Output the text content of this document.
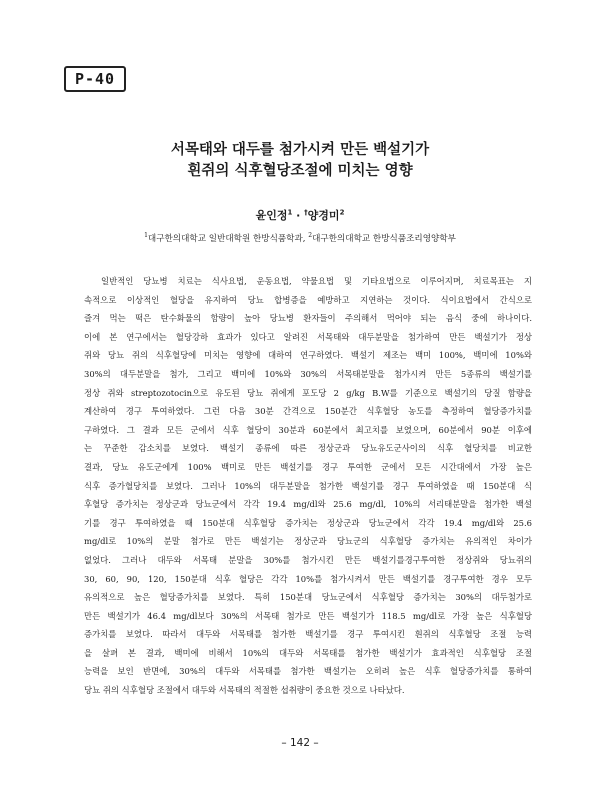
P-40
서목태와 대두를 첨가시켜 만든 백설기가
흰쥐의 식후혈당조절에 미치는 영향
윤인정$^1$ · †양경미$^2$
$^1$대구한의대학교 일반대학원 한방식품학과, $^2$대구한의대학교 한방식품조리영양학부
일반적인 당뇨병 치료는 식사요법, 운동요법, 약물요법 및 기타요법으로 이루어지며, 치료목표는 지
속적으로 이상적인 혈당을 유지하여 당뇨 합병증을 예방하고 지연하는 것이다. 식이요법에서 간식으로
즐겨 먹는 떡은 탄수화물의 함량이 높아 당뇨병 환자들이 주의해서 먹어야 되는 음식 중에 하나이다.
이에 본 연구에서는 혈당강하 효과가 있다고 알려진 서목태와 대두분말을 첨가하여 만든 백설기가 정상
쥐와 당뇨 쥐의 식후혈당에 미치는 영향에 대하여 연구하였다. 백설기 제조는 백미 100%, 백미에 10%와
30%의 대두분말을 첨가, 그리고 백미에 10%와 30%의 서목태분말을 첨가시켜 만든 5종류의 백설기를
정상 쥐와 streptozotocin으로 유도된 당뇨 쥐에게 포도당 2 g/kg B.W를 기준으로 백설기의 당질 함량을
계산하여 경구 투여하였다. 그런 다음 30분 간격으로 150분간 식후혈당 농도를 측정하여 혈당증가치를
구하였다. 그 결과 모든 군에서 식후 혈당이 30분과 60분에서 최고치를 보였으며, 60분에서 90분 이후에
는 꾸준한 감소치를 보였다. 백설기 종류에 따른 정상군과 당뇨유도군사이의 식후 혈당치를 비교한
결과, 당뇨 유도군에게 100% 백미로 만든 백설기를 경구 투여한 군에서 모든 시간대에서 가장 높은
식후 증가혈당치를 보였다. 그러나 10%의 대두분말을 첨가한 백설기를 경구 투여하였을 때 150분대 식
후혈당 증가치는 정상군과 당뇨군에서 각각 19.4 mg/dl와 25.6 mg/dl, 10%의 서리태분말을 첨가한 백설
기를 경구 투여하였을 때 150분대 식후혈당 증가치는 정상군과 당뇨군에서 각각 19.4 mg/dl와 25.6
mg/dl로 10%의 분말 첨가로 만든 백설기는 정상군과 당뇨군의 식후혈당 증가치는 유의적인 차이가
없었다. 그러나 대두와 서목태 분말을 30%를 첨가시킨 만든 백설기를경구투여한 정상쥐와 당뇨쥐의
30, 60, 90, 120, 150분대 식후 혈당은 각각 10%를 첨가시켜서 만든 백설기를 경구투여한 경우 모두
유의적으로 높은 혈당증가치를 보였다. 특히 150분대 당뇨군에서 식후혈당 증가치는 30%의 대두첨가로
만든 백설기가 46.4 mg/dl보다 30%의 서목태 첨가로 만든 백설기가 118.5 mg/dl로 가장 높은 식후혈당
증가치를 보였다. 따라서 대두와 서목태를 첨가한 백설기를 경구 투여시킨 흰쥐의 식후혈당 조절 능력
을 살펴 본 결과, 백미에 비해서 10%의 대두와 서목태를 첨가한 백설기가 효과적인 식후혈당 조절
능력을 보인 반면에, 30%의 대두와 서목태를 첨가한 백설기는 오히려 높은 식후 혈당증가치를 통하여
당뇨 쥐의 식후혈당 조절에서 대두와 서목태의 적절한 섭취량이 중요한 것으로 나타났다.
– 142 –
